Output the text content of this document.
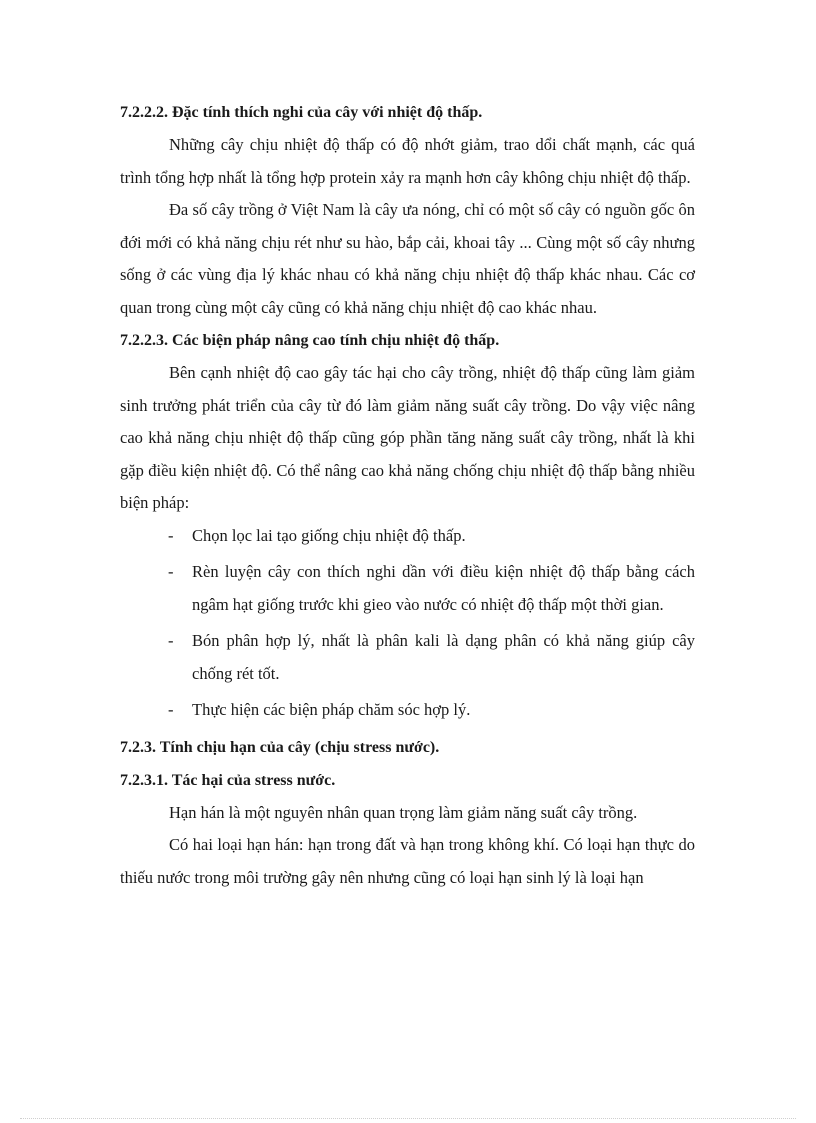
7.2.2.2. Đặc tính thích nghi của cây với nhiệt độ thấp.

Những cây chịu nhiệt độ thấp có độ nhớt giảm, trao dổi chất mạnh, các quá trình tổng hợp nhất là tổng hợp protein xảy ra mạnh hơn cây không chịu nhiệt độ thấp.

Đa số cây trồng ở Việt Nam là cây ưa nóng, chỉ có một số cây có nguồn gốc ôn đới mới có khả năng chịu rét như su hào, bắp cải, khoai tây ... Cùng một số cây nhưng sống ở các vùng địa lý khác nhau có khả năng chịu nhiệt độ thấp khác nhau. Các cơ quan trong cùng một cây cũng có khả năng chịu nhiệt độ cao khác nhau.

7.2.2.3. Các biện pháp nâng cao tính chịu nhiệt độ thấp.

Bên cạnh nhiệt độ cao gây tác hại cho cây trồng, nhiệt độ thấp cũng làm giảm sinh trưởng phát triển của cây từ đó làm giảm năng suất cây trồng. Do vậy việc nâng cao khả năng chịu nhiệt độ thấp cũng góp phần tăng năng suất cây trồng, nhất là khi gặp điều kiện nhiệt độ. Có thể nâng cao khả năng chống chịu nhiệt độ thấp bằng nhiều biện pháp:

- Chọn lọc lai tạo giống chịu nhiệt độ thấp.
- Rèn luyện cây con thích nghi dần với điều kiện nhiệt độ thấp bằng cách ngâm hạt giống trước khi gieo vào nước có nhiệt độ thấp một thời gian.
- Bón phân hợp lý, nhất là phân kali là dạng phân có khả năng giúp cây chống rét tốt.
- Thực hiện các biện pháp chăm sóc hợp lý.

7.2.3. Tính chịu hạn của cây (chịu stress nước).

7.2.3.1. Tác hại của stress nước.

Hạn hán là một nguyên nhân quan trọng làm giảm năng suất cây trồng.

Có hai loại hạn hán: hạn trong đất và hạn trong không khí. Có loại hạn thực do thiếu nước trong môi trường gây nên nhưng cũng có loại hạn sinh lý là loại hạn
